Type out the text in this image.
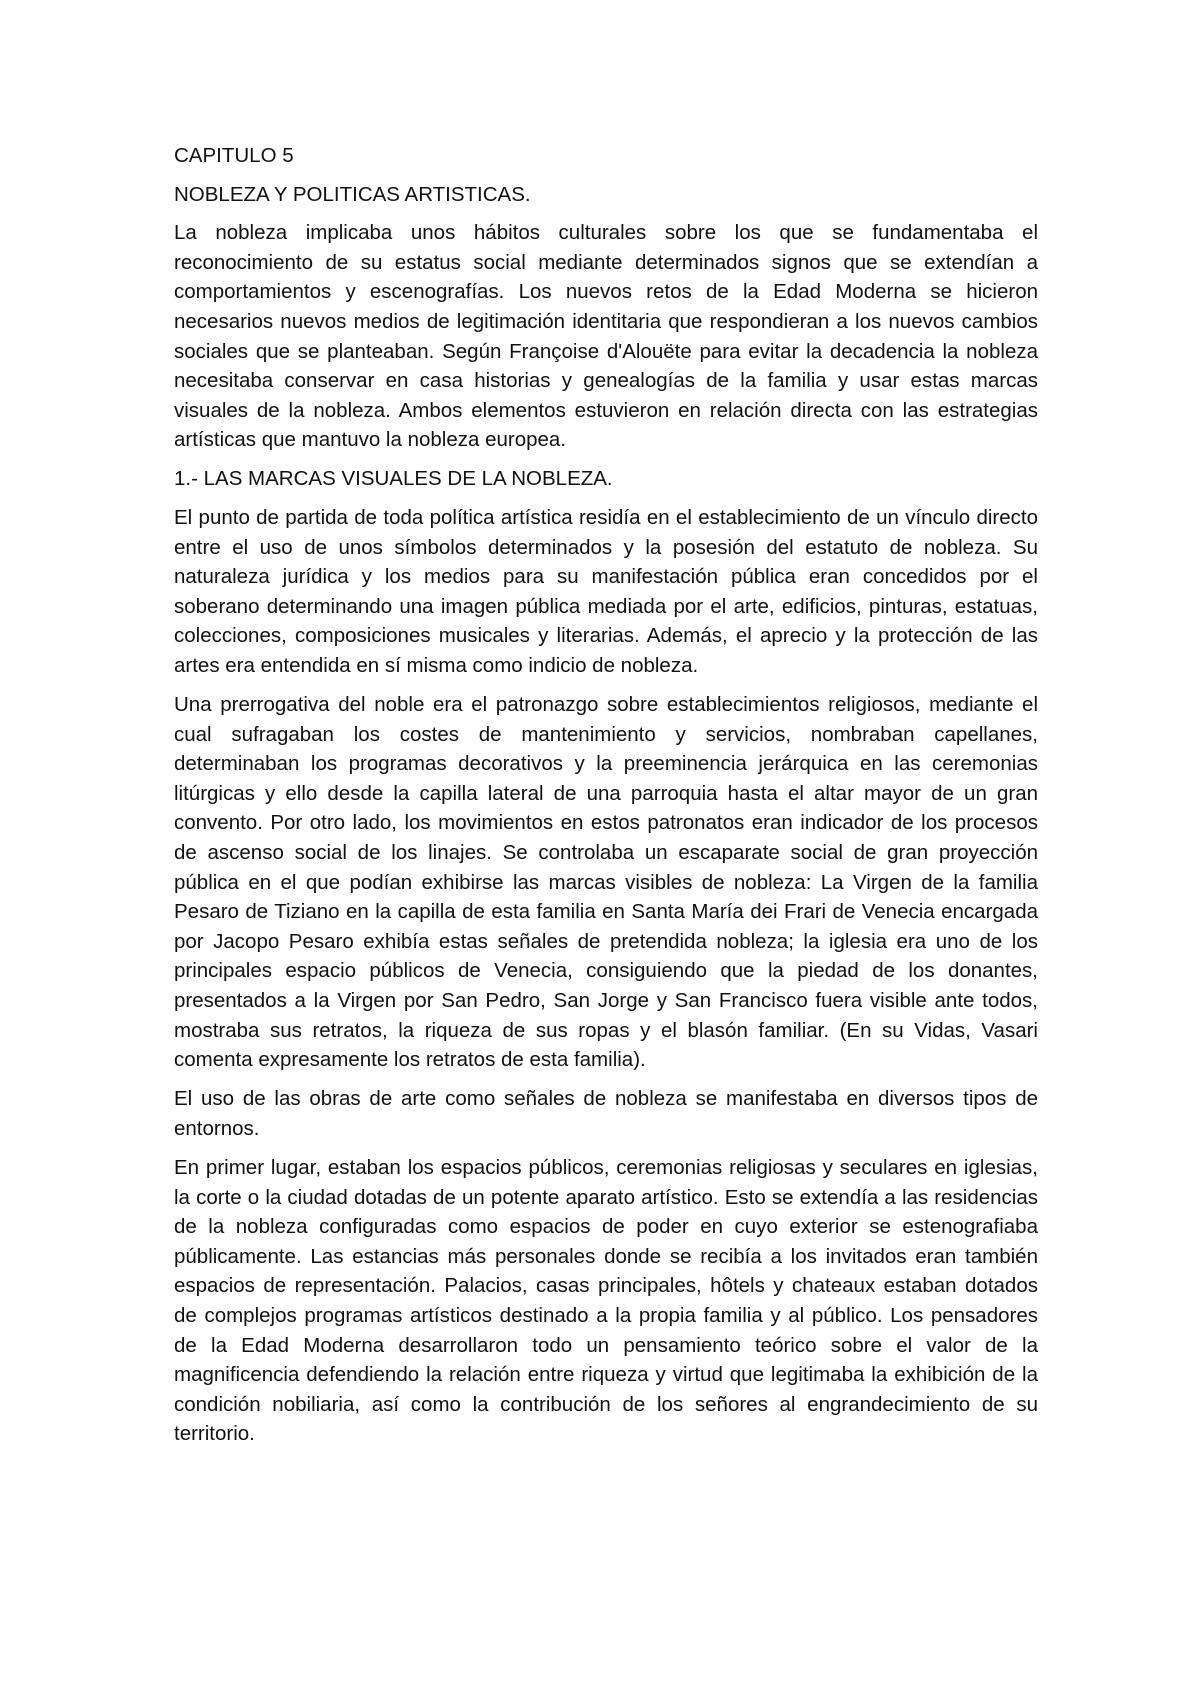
CAPITULO 5
NOBLEZA Y POLITICAS ARTISTICAS.

La nobleza implicaba unos hábitos culturales sobre los que se fundamentaba el reconocimiento de su estatus social mediante determinados signos que se extendían a comportamientos y escenografías. Los nuevos retos de la Edad Moderna se hicieron necesarios nuevos medios de legitimación identitaria que respondieran a los nuevos cambios sociales que se planteaban. Según Françoise d'Alouëte para evitar la decadencia la nobleza necesitaba conservar en casa historias y genealogías de la familia y usar estas marcas visuales de la nobleza. Ambos elementos estuvieron en relación directa con las estrategias artísticas que mantuvo la nobleza europea.

1.- LAS MARCAS VISUALES DE LA NOBLEZA.

El punto de partida de toda política artística residía en el establecimiento de un vínculo directo entre el uso de unos símbolos determinados y la posesión del estatuto de nobleza. Su naturaleza jurídica y los medios para su manifestación pública eran concedidos por el soberano determinando una imagen pública mediada por el arte, edificios, pinturas, estatuas, colecciones, composiciones musicales y literarias. Además, el aprecio y la protección de las artes era entendida en sí misma como indicio de nobleza.

Una prerrogativa del noble era el patronazgo sobre establecimientos religiosos, mediante el cual sufragaban los costes de mantenimiento y servicios, nombraban capellanes, determinaban los programas decorativos y la preeminencia jerárquica en las ceremonias litúrgicas y ello desde la capilla lateral de una parroquia hasta el altar mayor de un gran convento. Por otro lado, los movimientos en estos patronatos eran indicador de los procesos de ascenso social de los linajes. Se controlaba un escaparate social de gran proyección pública en el que podían exhibirse las marcas visibles de nobleza: La Virgen de la familia Pesaro de Tiziano en la capilla de esta familia en Santa María dei Frari de Venecia encargada por Jacopo Pesaro exhibía estas señales de pretendida nobleza; la iglesia era uno de los principales espacio públicos de Venecia, consiguiendo que la piedad de los donantes, presentados a la Virgen por San Pedro, San Jorge y San Francisco fuera visible ante todos, mostraba sus retratos, la riqueza de sus ropas y el blasón familiar. (En su Vidas, Vasari comenta expresamente los retratos de esta familia).

El uso de las obras de arte como señales de nobleza se manifestaba en diversos tipos de entornos.

En primer lugar, estaban los espacios públicos, ceremonias religiosas y seculares en iglesias, la corte o la ciudad dotadas de un potente aparato artístico. Esto se extendía a las residencias de la nobleza configuradas como espacios de poder en cuyo exterior se estenografiaba públicamente. Las estancias más personales donde se recibía a los invitados eran también espacios de representación. Palacios, casas principales, hôtels y chateaux estaban dotados de complejos programas artísticos destinado a la propia familia y al público. Los pensadores de la Edad Moderna desarrollaron todo un pensamiento teórico sobre el valor de la magnificencia defendiendo la relación entre riqueza y virtud que legitimaba la exhibición de la condición nobiliaria, así como la contribución de los señores al engrandecimiento de su territorio.
